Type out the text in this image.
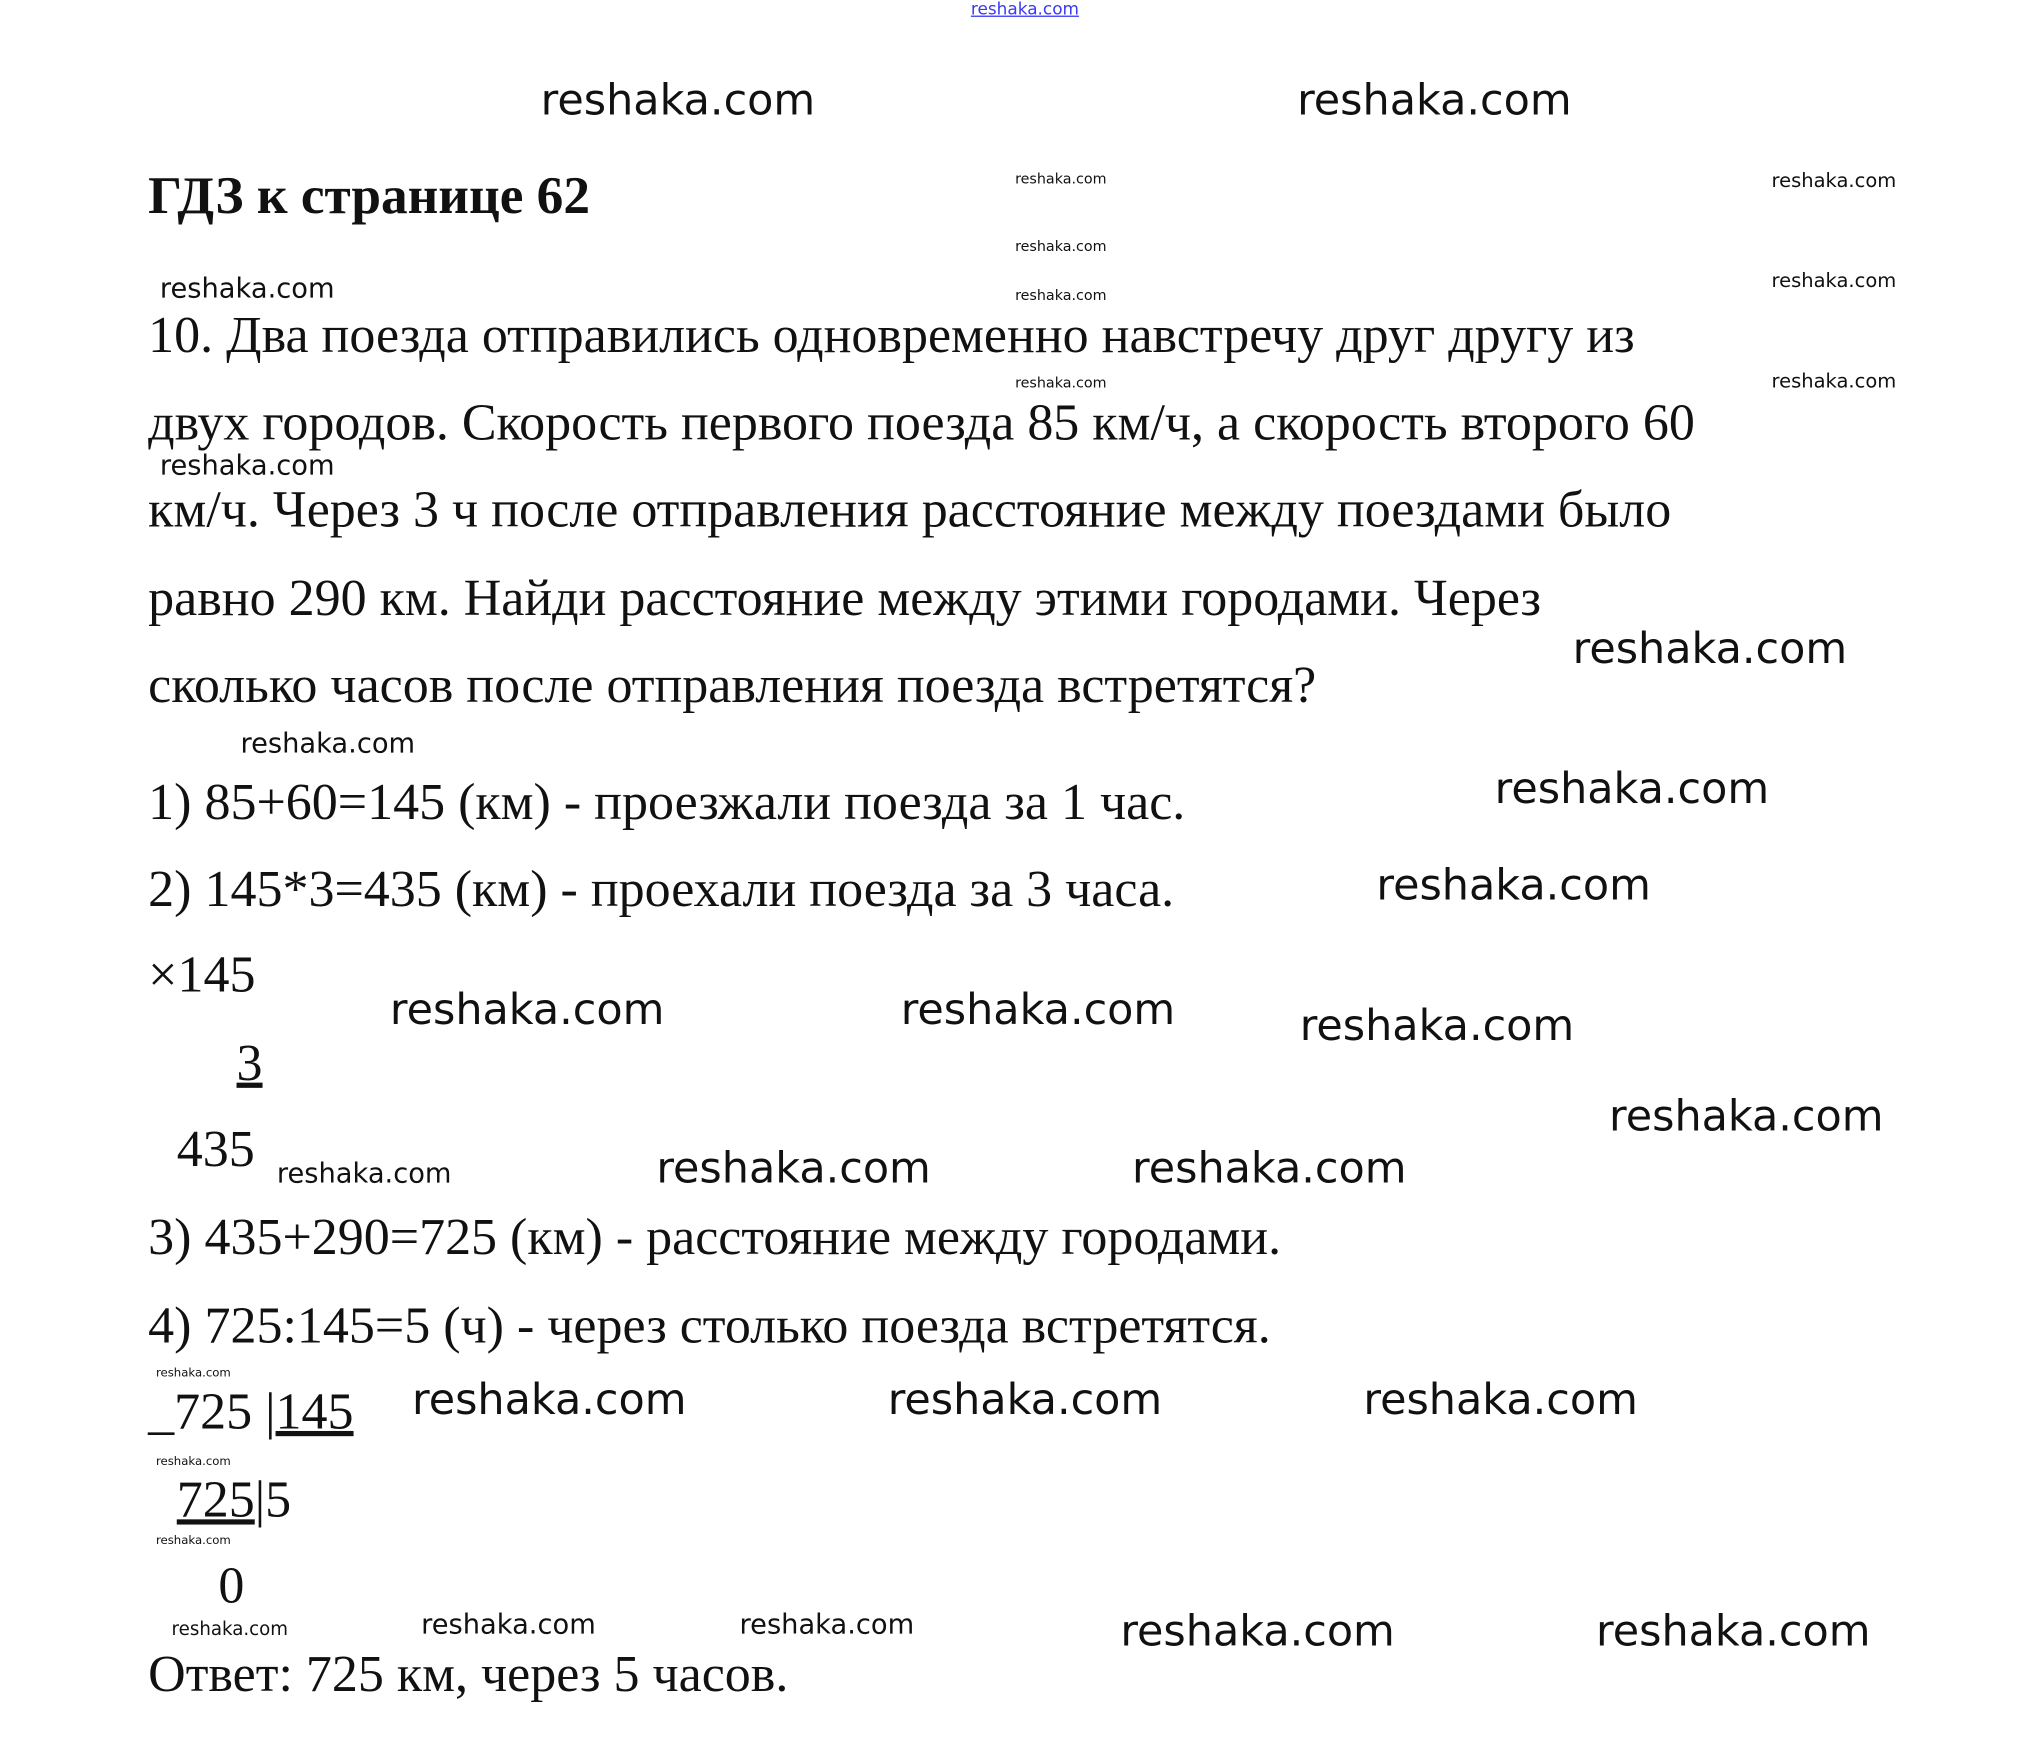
reshaka.com
ГДЗ к странице 62
10. Два поезда отправились одновременно навстречу друг другу из
двух городов. Скорость первого поезда 85 км/ч, а скорость второго 60
км/ч. Через 3 ч после отправления расстояние между поездами было
равно 290 км. Найди расстояние между этими городами. Через
сколько часов после отправления поезда встретятся?
1) 85+60=145 (км) - проезжали поезда за 1 час.
2) 145*3=435 (км) - проехали поезда за 3 часа.
×145
3
435
3) 435+290=725 (км) - расстояние между городами.
4) 725:145=5 (ч) - через столько поезда встретятся.
_725 |145
725|5
0
Ответ: 725 км, через 5 часов.
reshaka.com
reshaka.com
reshaka.com
reshaka.com
reshaka.com
reshaka.com
reshaka.com
reshaka.com
reshaka.com
reshaka.com
reshaka.com
reshaka.com	reshaka.com
reshaka.com
reshaka.com
reshaka.com
reshaka.com
reshaka.com	reshaka.com
reshaka.com
reshaka.com
reshaka.com
reshaka.com
reshaka.com	reshaka.com
reshaka.com
reshaka.com	reshaka.com
reshaka.com	reshaka.com	reshaka.com
reshaka.com	reshaka.com
